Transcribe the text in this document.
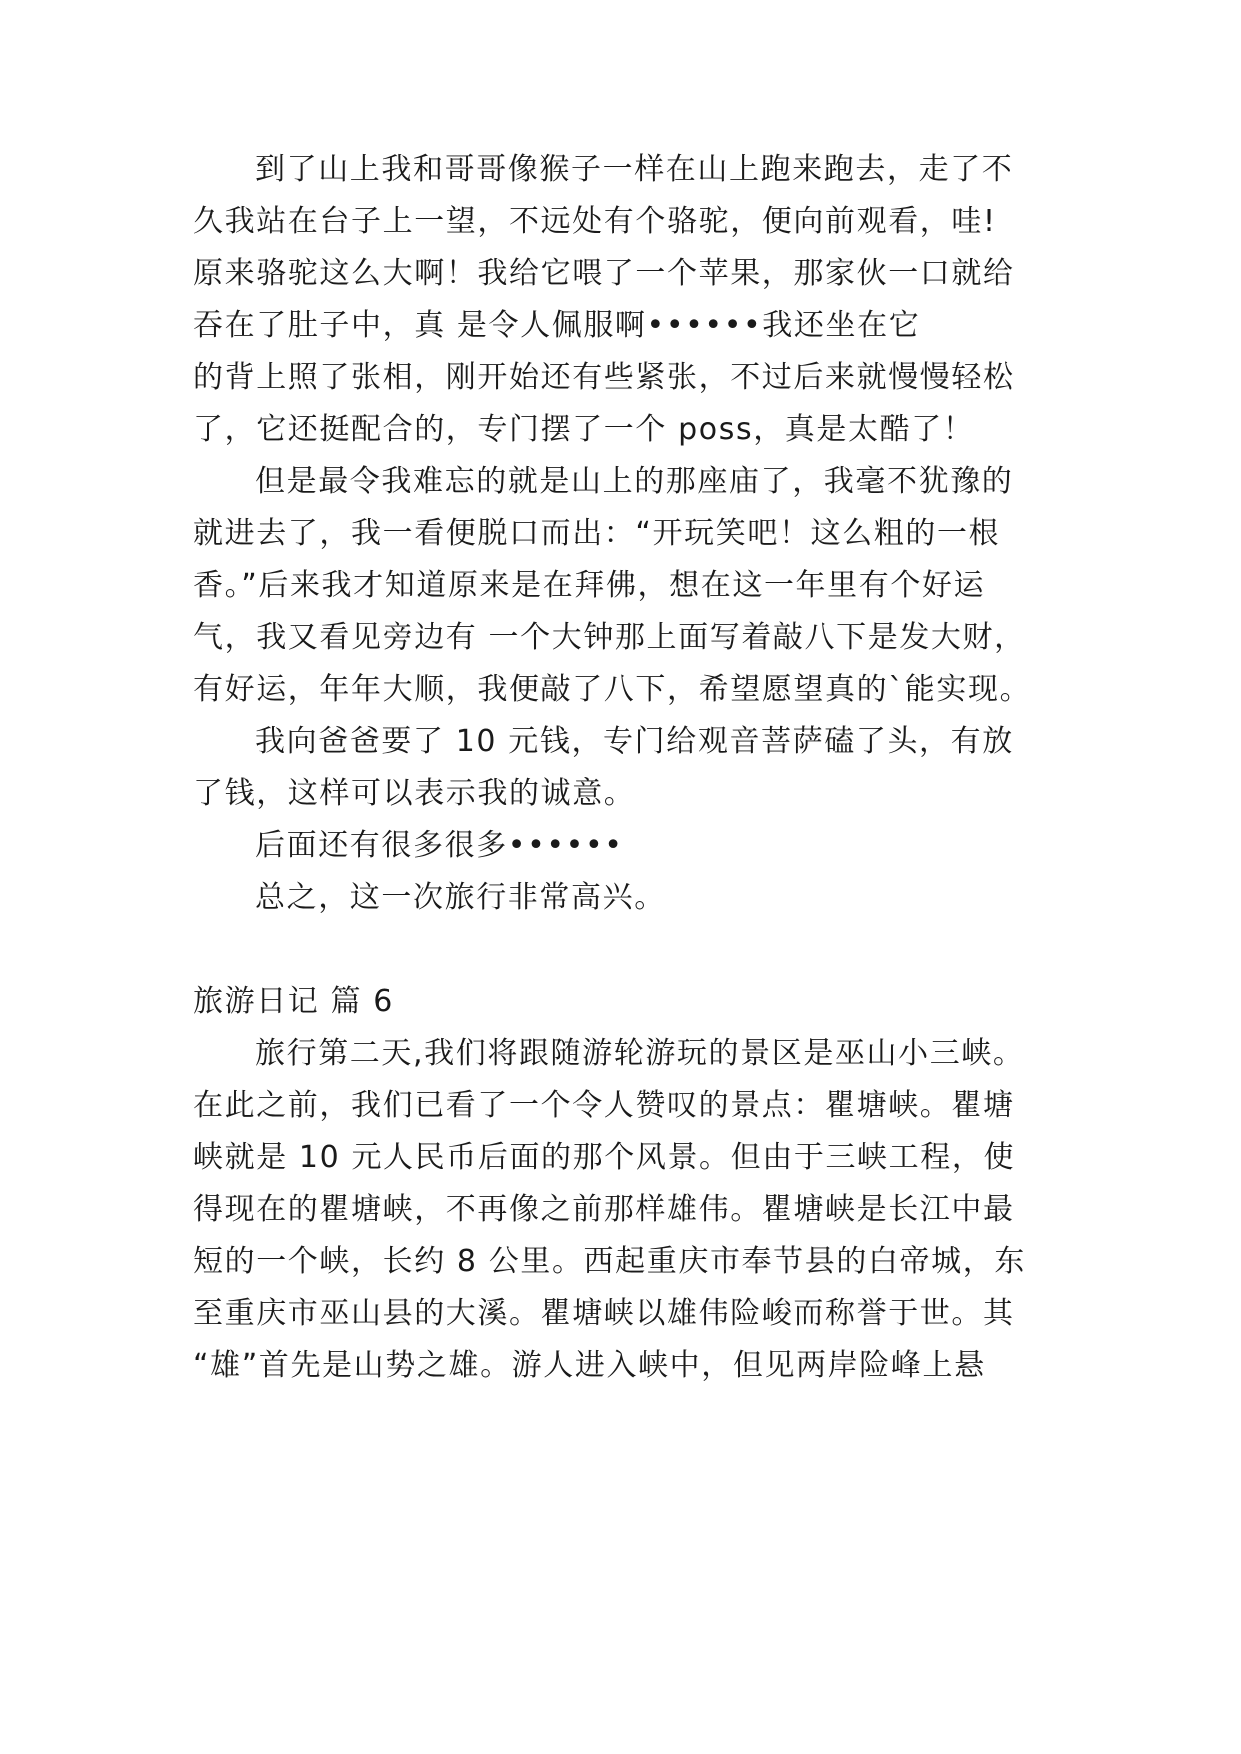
到了山上我和哥哥像猴子一样在山上跑来跑去，走了不
久我站在台子上一望，不远处有个骆驼，便向前观看，哇!
原来骆驼这么大啊！我给它喂了一个苹果，那家伙一口就给
吞在了肚子中，真 是令人佩服啊••••••我还坐在它
的背上照了张相，刚开始还有些紧张，不过后来就慢慢轻松
了，它还挺配合的，专门摆了一个 poss，真是太酷了！
但是最令我难忘的就是山上的那座庙了，我毫不犹豫的
就进去了，我一看便脱口而出：“开玩笑吧！这么粗的一根
香。”后来我才知道原来是在拜佛，想在这一年里有个好运
气，我又看见旁边有 一个大钟那上面写着敲八下是发大财，
有好运，年年大顺，我便敲了八下，希望愿望真的`能实现。
我向爸爸要了 10 元钱，专门给观音菩萨磕了头，有放
了钱，这样可以表示我的诚意。
后面还有很多很多••••••
总之，这一次旅行非常高兴。
旅游日记 篇 6
旅行第二天,我们将跟随游轮游玩的景区是巫山小三峡。
在此之前，我们已看了一个令人赞叹的景点：瞿塘峡。瞿塘
峡就是 10 元人民币后面的那个风景。但由于三峡工程，使
得现在的瞿塘峡，不再像之前那样雄伟。瞿塘峡是长江中最
短的一个峡，长约 8 公里。西起重庆市奉节县的白帝城，东
至重庆市巫山县的大溪。瞿塘峡以雄伟险峻而称誉于世。其
“雄”首先是山势之雄。游人进入峡中，但见两岸险峰上悬
